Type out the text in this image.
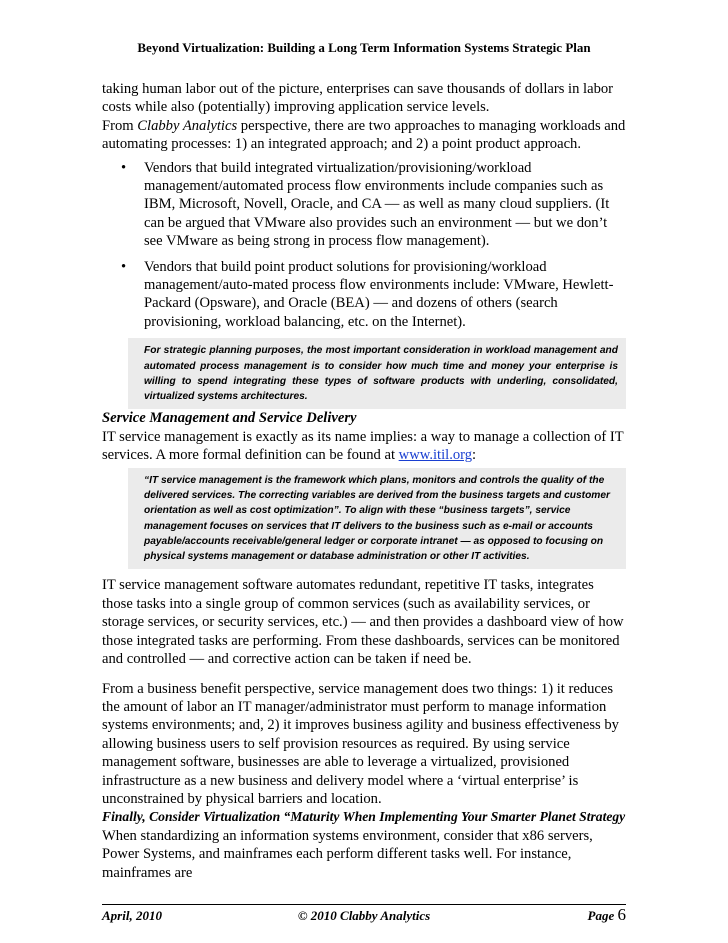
Beyond Virtualization: Building a Long Term Information Systems Strategic Plan

taking human labor out of the picture, enterprises can save thousands of dollars in labor costs while also (potentially) improving application service levels.

From Clabby Analytics perspective, there are two approaches to managing workloads and automating processes: 1) an integrated approach; and 2) a point product approach.

• Vendors that build integrated virtualization/provisioning/workload management/automated process flow environments include companies such as IBM, Microsoft, Novell, Oracle, and CA — as well as many cloud suppliers. (It can be argued that VMware also provides such an environment — but we don’t see VMware as being strong in process flow management).
• Vendors that build point product solutions for provisioning/workload management/auto-mated process flow environments include: VMware, Hewlett-Packard (Opsware), and Oracle (BEA) — and dozens of others (search provisioning, workload balancing, etc. on the Internet).
For strategic planning purposes, the most important consideration in workload management and automated process management is to consider how much time and money your enterprise is willing to spend integrating these types of software products with underling, consolidated, virtualized systems architectures.

Service Management and Service Delivery

IT service management is exactly as its name implies: a way to manage a collection of IT services. A more formal definition can be found at www.itil.org:

“IT service management is the framework which plans, monitors and controls the quality of the delivered services. The correcting variables are derived from the business targets and customer orientation as well as cost optimization”. To align with these “business targets”, service management focuses on services that IT delivers to the business such as e-mail or accounts payable/accounts receivable/general ledger or corporate intranet — as opposed to focusing on physical systems management or database administration or other IT activities.

IT service management software automates redundant, repetitive IT tasks, integrates those tasks into a single group of common services (such as availability services, or storage services, or security services, etc.) — and then provides a dashboard view of how those integrated tasks are performing. From these dashboards, services can be monitored and controlled — and corrective action can be taken if need be.

From a business benefit perspective, service management does two things: 1) it reduces the amount of labor an IT manager/administrator must perform to manage information systems environments; and, 2) it improves business agility and business effectiveness by allowing business users to self provision resources as required. By using service management software, businesses are able to leverage a virtualized, provisioned infrastructure as a new business and delivery model where a ‘virtual enterprise’ is unconstrained by physical barriers and location.

Finally, Consider Virtualization “Maturity When Implementing Your Smarter Planet Strategy

When standardizing an information systems environment, consider that x86 servers, Power Systems, and mainframes each perform different tasks well. For instance, mainframes are

April, 2010	© 2010 Clabby Analytics	Page 6
